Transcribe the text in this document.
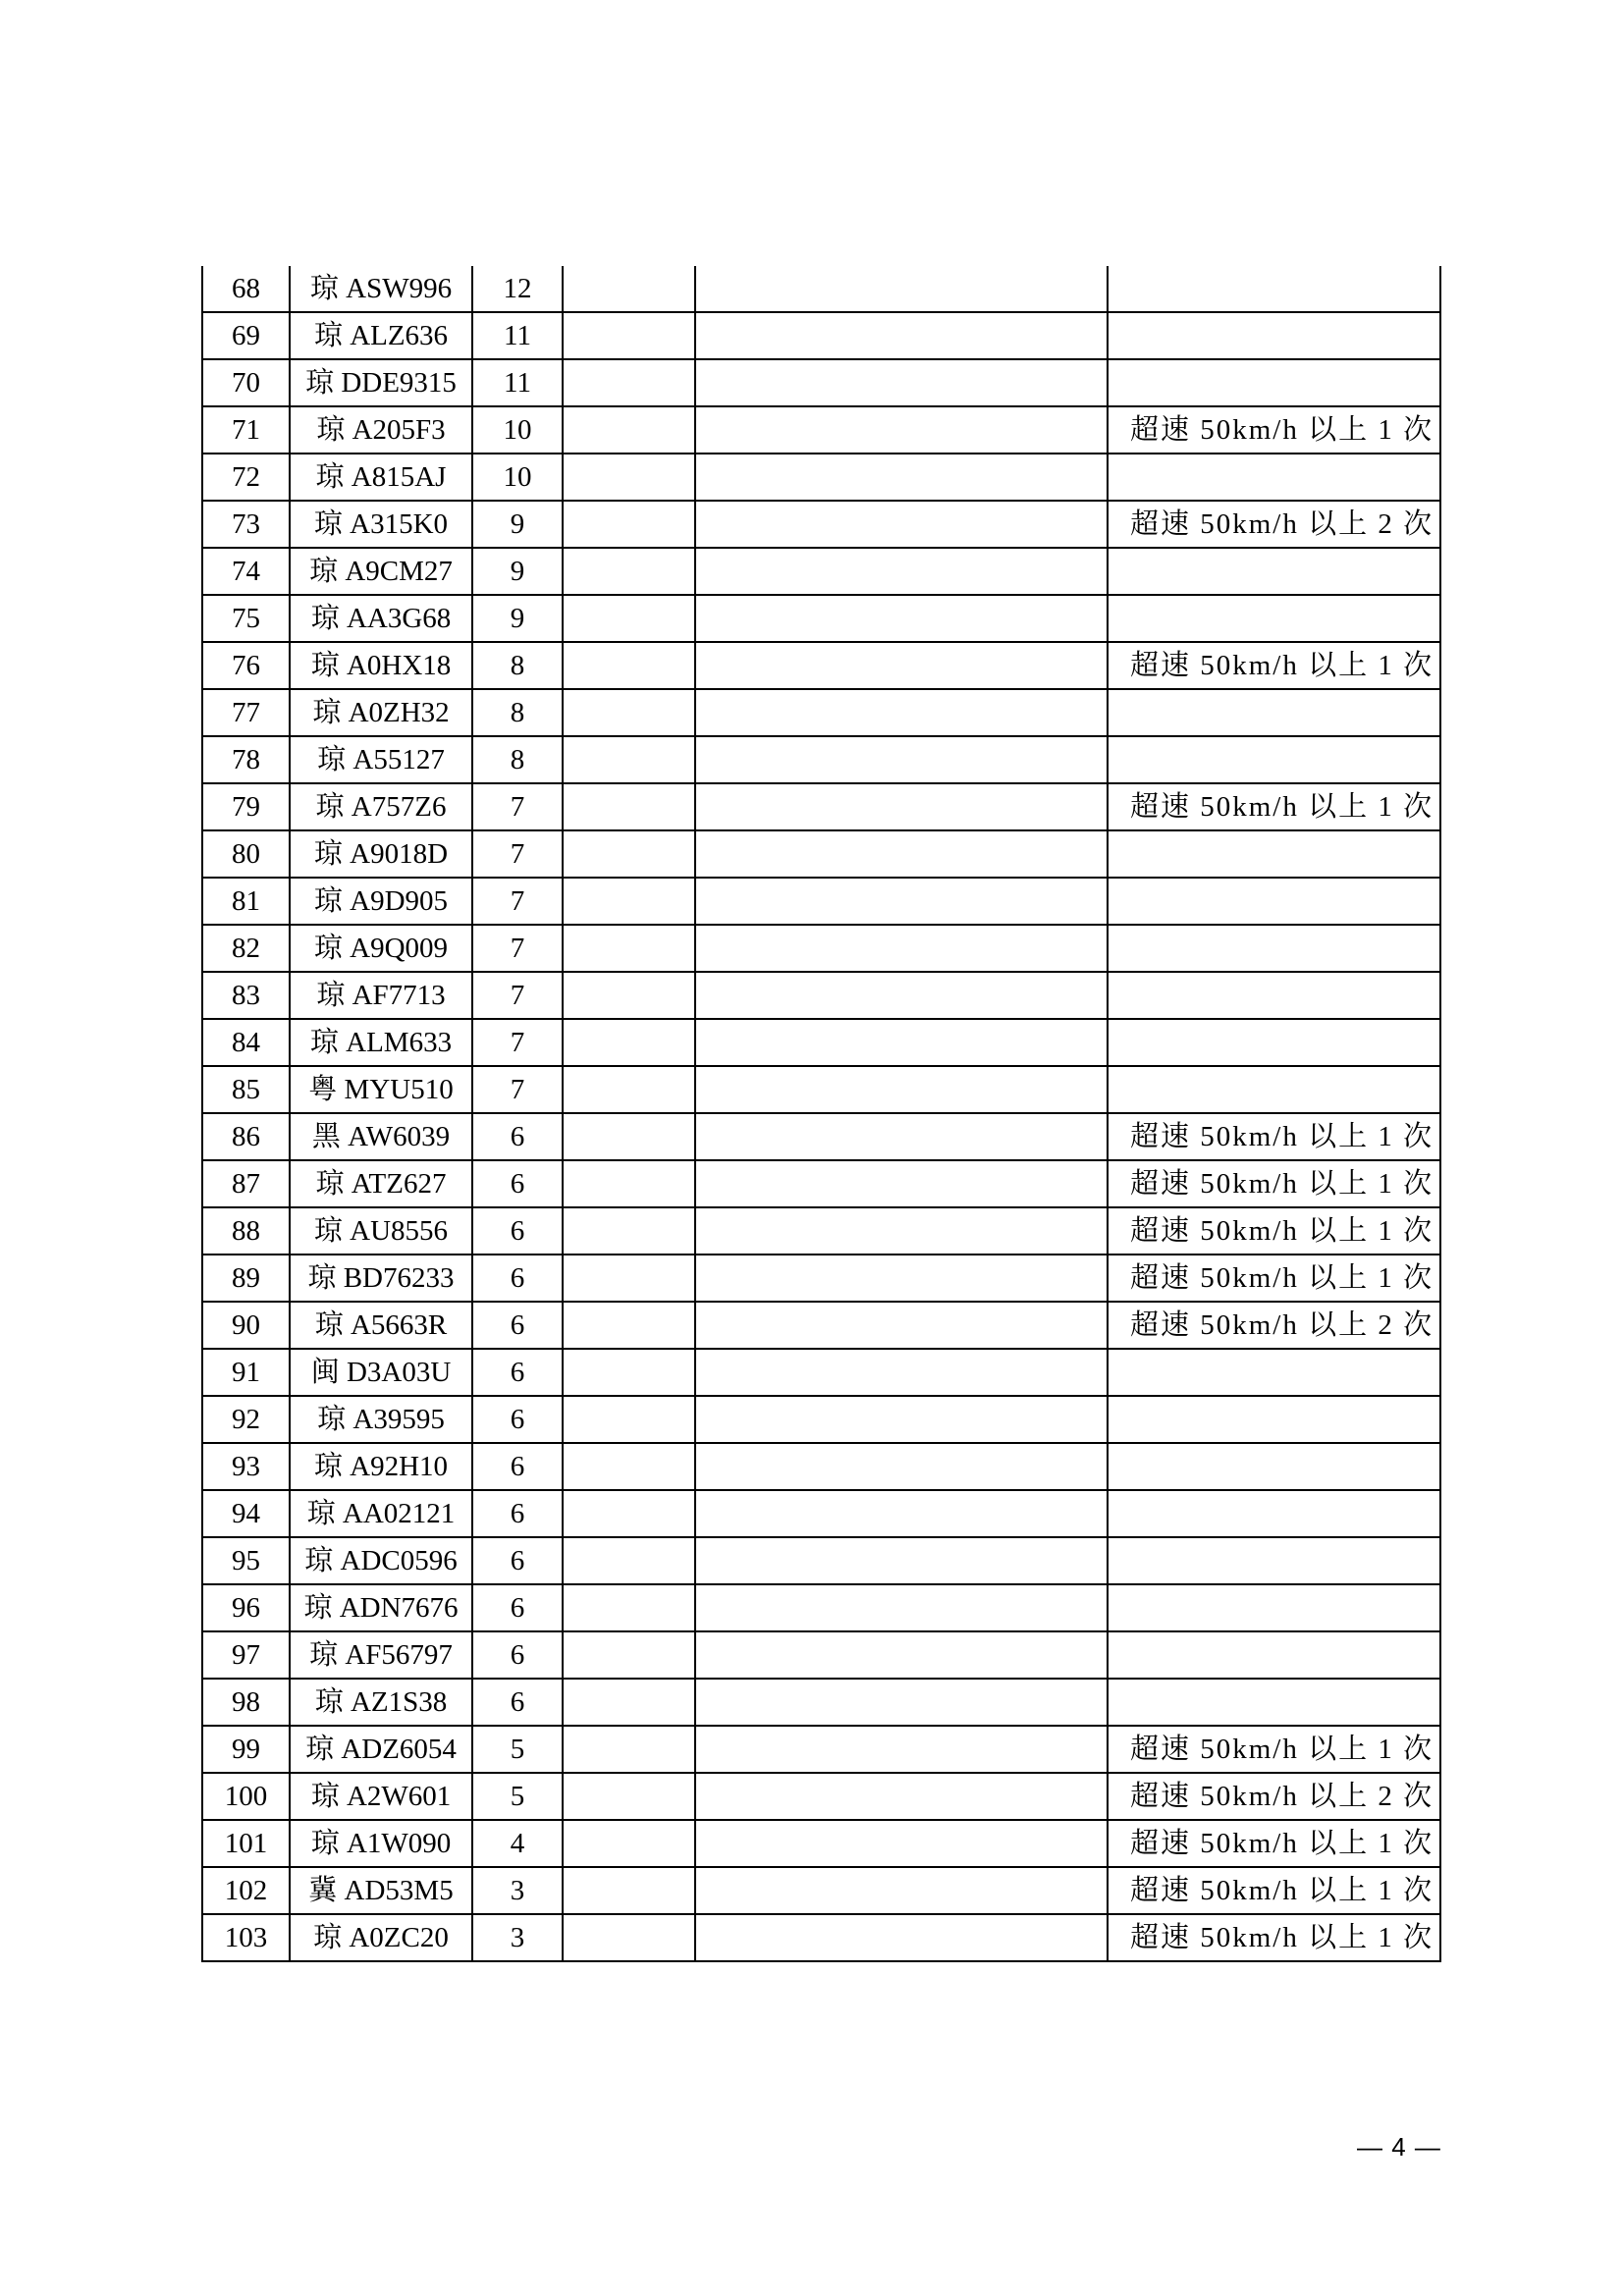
68	琼 ASW996	12			
69	琼 ALZ636	11			
70	琼 DDE9315	11			
71	琼 A205F3	10			超速 50km/h 以上 1 次
72	琼 A815AJ	10			
73	琼 A315K0	9			超速 50km/h 以上 2 次
74	琼 A9CM27	9			
75	琼 AA3G68	9			
76	琼 A0HX18	8			超速 50km/h 以上 1 次
77	琼 A0ZH32	8			
78	琼 A55127	8			
79	琼 A757Z6	7			超速 50km/h 以上 1 次
80	琼 A9018D	7			
81	琼 A9D905	7			
82	琼 A9Q009	7			
83	琼 AF7713	7			
84	琼 ALM633	7			
85	粤 MYU510	7			
86	黑 AW6039	6			超速 50km/h 以上 1 次
87	琼 ATZ627	6			超速 50km/h 以上 1 次
88	琼 AU8556	6			超速 50km/h 以上 1 次
89	琼 BD76233	6			超速 50km/h 以上 1 次
90	琼 A5663R	6			超速 50km/h 以上 2 次
91	闽 D3A03U	6			
92	琼 A39595	6			
93	琼 A92H10	6			
94	琼 AA02121	6			
95	琼 ADC0596	6			
96	琼 ADN7676	6			
97	琼 AF56797	6			
98	琼 AZ1S38	6			
99	琼 ADZ6054	5			超速 50km/h 以上 1 次
100	琼 A2W601	5			超速 50km/h 以上 2 次
101	琼 A1W090	4			超速 50km/h 以上 1 次
102	冀 AD53M5	3			超速 50km/h 以上 1 次
103	琼 A0ZC20	3			超速 50km/h 以上 1 次
— 4 —
